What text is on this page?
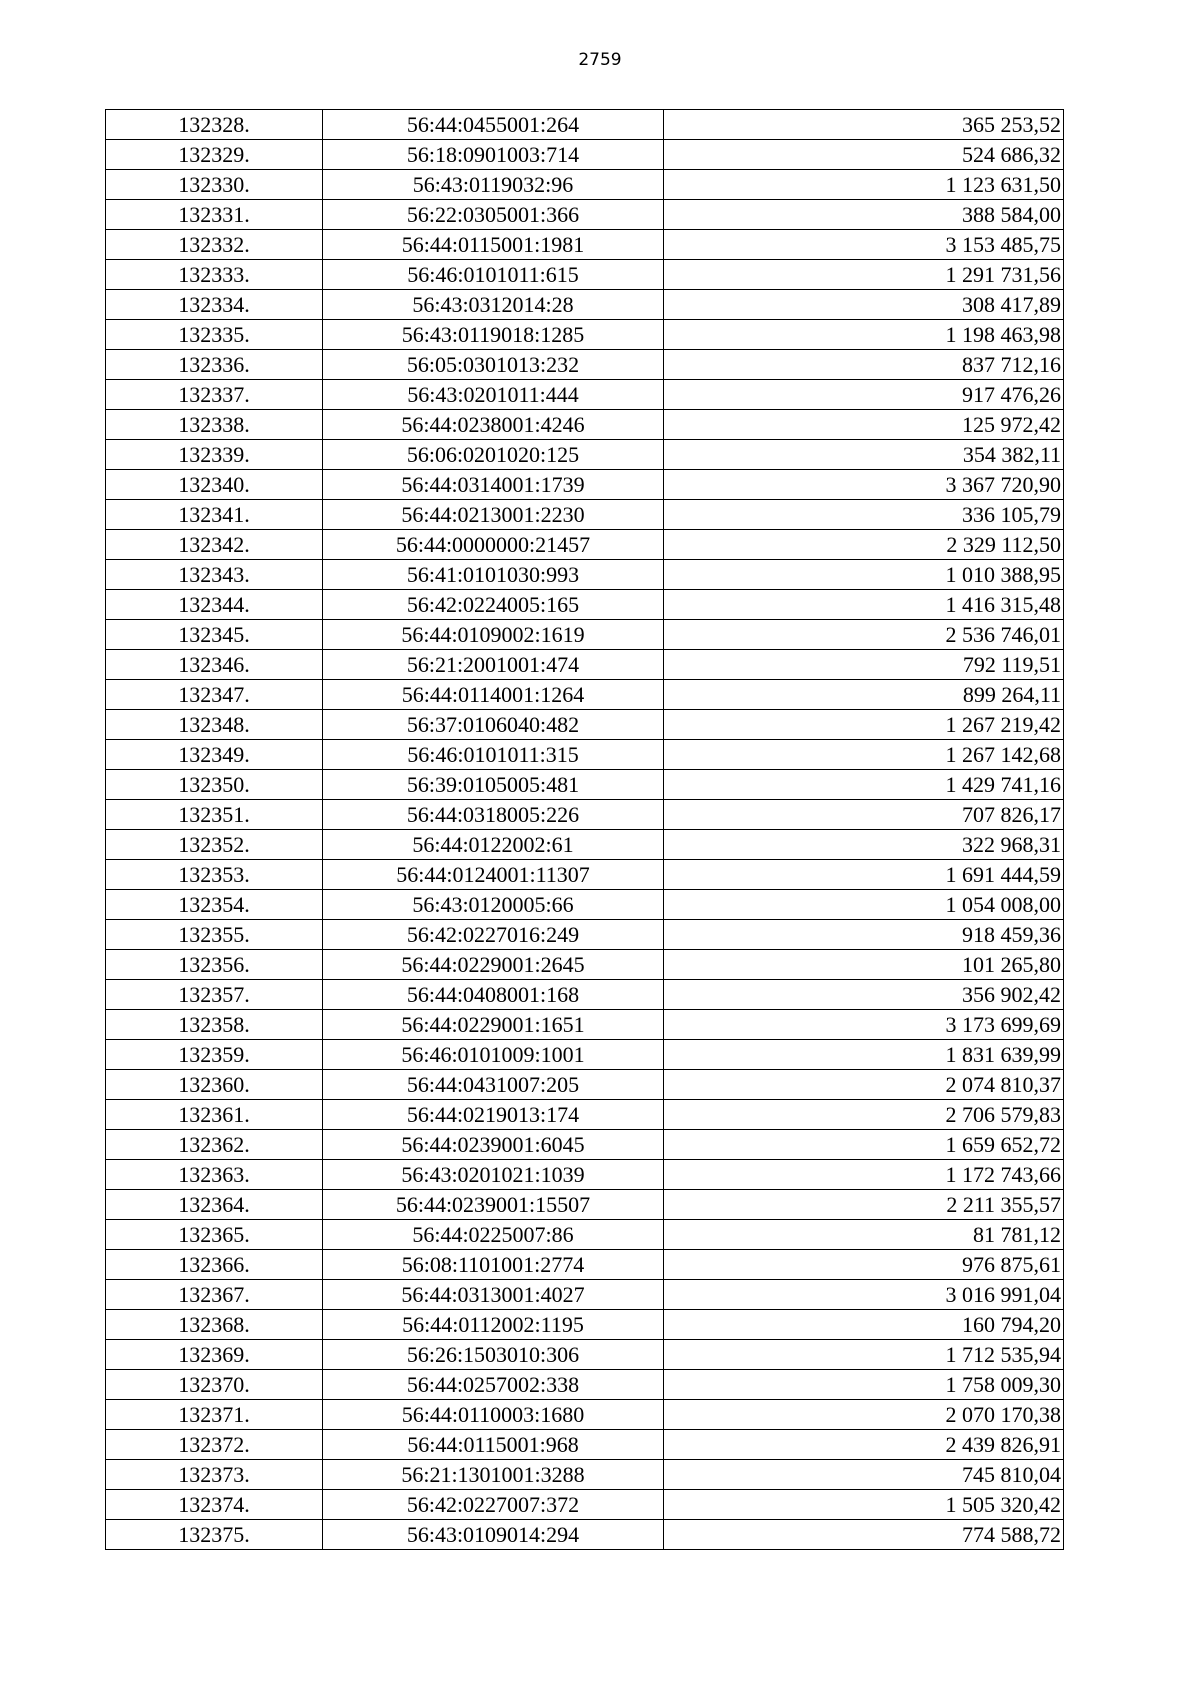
2759
132328.	56:44:0455001:264	365 253,52
132329.	56:18:0901003:714	524 686,32
132330.	56:43:0119032:96	1 123 631,50
132331.	56:22:0305001:366	388 584,00
132332.	56:44:0115001:1981	3 153 485,75
132333.	56:46:0101011:615	1 291 731,56
132334.	56:43:0312014:28	308 417,89
132335.	56:43:0119018:1285	1 198 463,98
132336.	56:05:0301013:232	837 712,16
132337.	56:43:0201011:444	917 476,26
132338.	56:44:0238001:4246	125 972,42
132339.	56:06:0201020:125	354 382,11
132340.	56:44:0314001:1739	3 367 720,90
132341.	56:44:0213001:2230	336 105,79
132342.	56:44:0000000:21457	2 329 112,50
132343.	56:41:0101030:993	1 010 388,95
132344.	56:42:0224005:165	1 416 315,48
132345.	56:44:0109002:1619	2 536 746,01
132346.	56:21:2001001:474	792 119,51
132347.	56:44:0114001:1264	899 264,11
132348.	56:37:0106040:482	1 267 219,42
132349.	56:46:0101011:315	1 267 142,68
132350.	56:39:0105005:481	1 429 741,16
132351.	56:44:0318005:226	707 826,17
132352.	56:44:0122002:61	322 968,31
132353.	56:44:0124001:11307	1 691 444,59
132354.	56:43:0120005:66	1 054 008,00
132355.	56:42:0227016:249	918 459,36
132356.	56:44:0229001:2645	101 265,80
132357.	56:44:0408001:168	356 902,42
132358.	56:44:0229001:1651	3 173 699,69
132359.	56:46:0101009:1001	1 831 639,99
132360.	56:44:0431007:205	2 074 810,37
132361.	56:44:0219013:174	2 706 579,83
132362.	56:44:0239001:6045	1 659 652,72
132363.	56:43:0201021:1039	1 172 743,66
132364.	56:44:0239001:15507	2 211 355,57
132365.	56:44:0225007:86	81 781,12
132366.	56:08:1101001:2774	976 875,61
132367.	56:44:0313001:4027	3 016 991,04
132368.	56:44:0112002:1195	160 794,20
132369.	56:26:1503010:306	1 712 535,94
132370.	56:44:0257002:338	1 758 009,30
132371.	56:44:0110003:1680	2 070 170,38
132372.	56:44:0115001:968	2 439 826,91
132373.	56:21:1301001:3288	745 810,04
132374.	56:42:0227007:372	1 505 320,42
132375.	56:43:0109014:294	774 588,72
